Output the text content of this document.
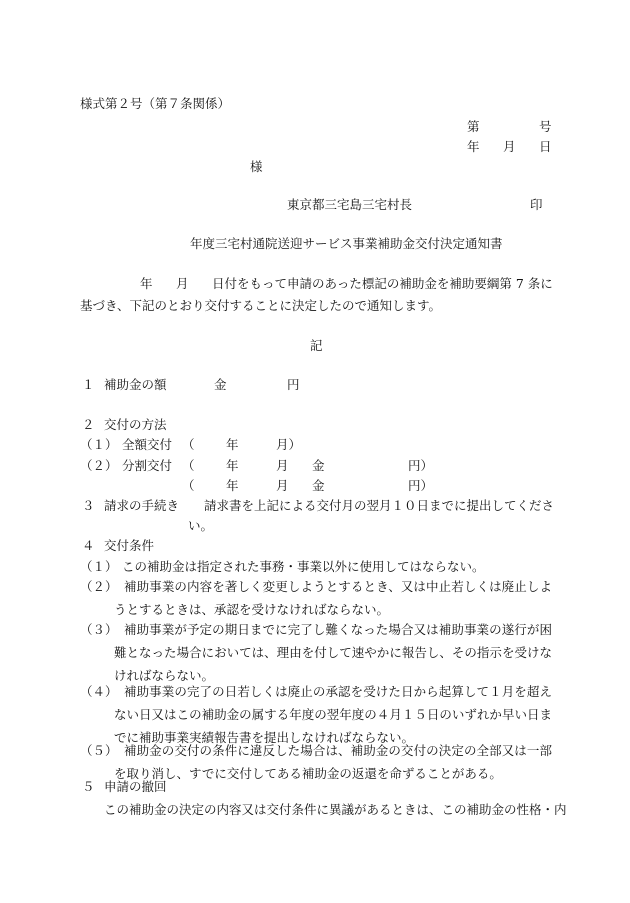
様式第２号（第７条関係）
第	号
年 月 日
様
東京都三宅島三宅村長	印
年度三宅村通院送迎サービス事業補助金交付決定通知書
年 月 日付をもって申請のあった標記の補助金を補助要綱第 7 条に
基づき、下記のとおり交付することに決定したので通知します。
記
１ 補助金の額	金	円
２ 交付の方法
（１） 全額交付 （	年	月）
（２） 分割交付 （	年	月 金	円）
（	年	月 金	円）
３ 請求の手続き 請求書を上記による交付月の翌月１０日までに提出してくださ
い。
４ 交付条件
（１） この補助金は指定された事務・事業以外に使用してはならない。
（２） 補助事業の内容を著しく変更しようとするとき、又は中止若しくは廃止しようとするときは、承認を受けなければならない。
（３） 補助事業が予定の期日までに完了し難くなった場合又は補助事業の遂行が困難となった場合においては、理由を付して速やかに報告し、その指示を受けなければならない。
（４） 補助事業の完了の日若しくは廃止の承認を受けた日から起算して１月を超えない日又はこの補助金の属する年度の翌年度の４月１５日のいずれか早い日までに補助事業実績報告書を提出しなければならない。
（５） 補助金の交付の条件に違反した場合は、補助金の交付の決定の全部又は一部を取り消し、すでに交付してある補助金の返還を命ずることがある。
５ 申請の撤回
この補助金の決定の内容又は交付条件に異議があるときは、この補助金の性格・内
